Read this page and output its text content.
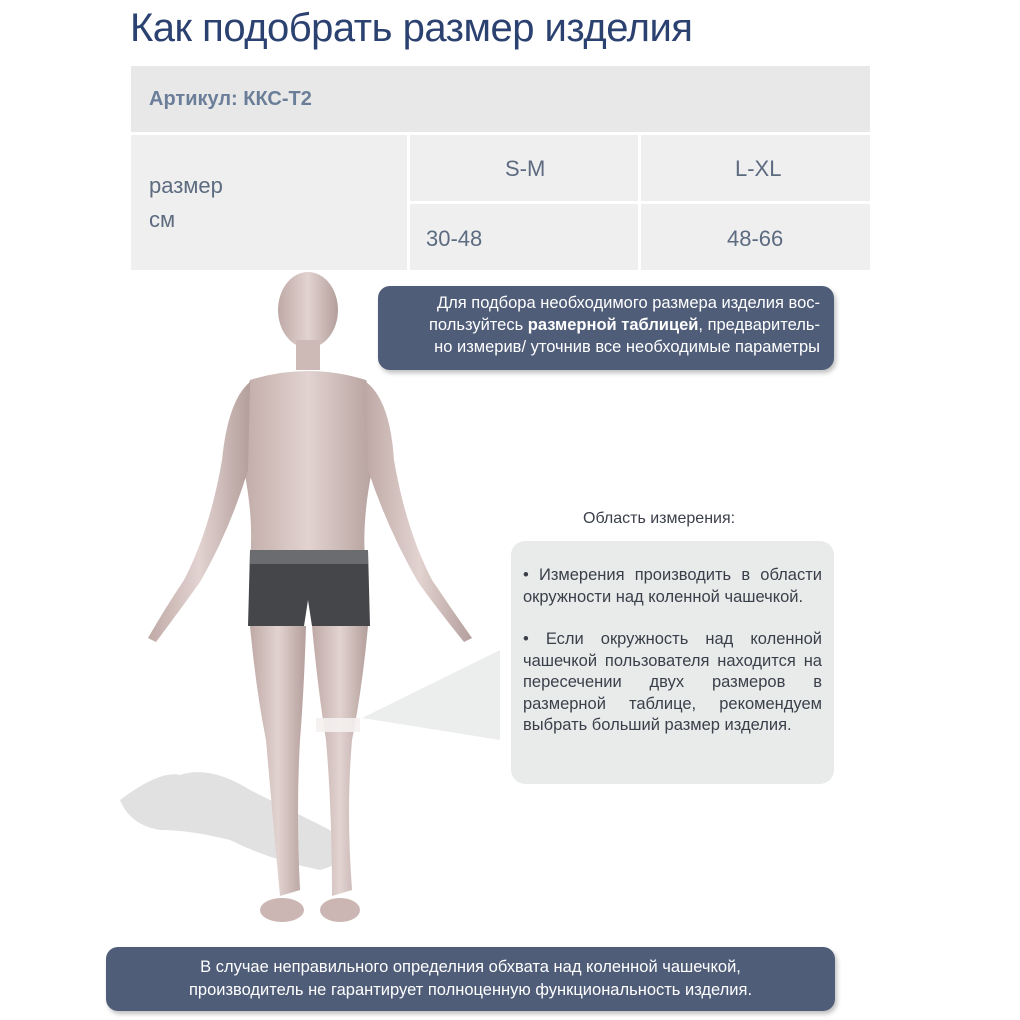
Как подобрать размер изделия
Артикул: ККС-Т2
размер
см
S-M	L-XL
30-48	48-66

Для подбора необходимого размера изделия вос-

пользуйтесь размерной таблицей, предваритель-

но измерив/ уточнив все необходимые параметры

Область измерения:

• Измерения производить в области окружности над коленной чашечкой.

• Если окружность над коленной чашечкой пользователя находится на пересечении двух размеров в размерной таблице, рекомендуем выбрать больший размер изделия.

В случае неправильного определния обхвата над коленной чашечкой,

производитель не гарантирует полноценную функциональность изделия.
